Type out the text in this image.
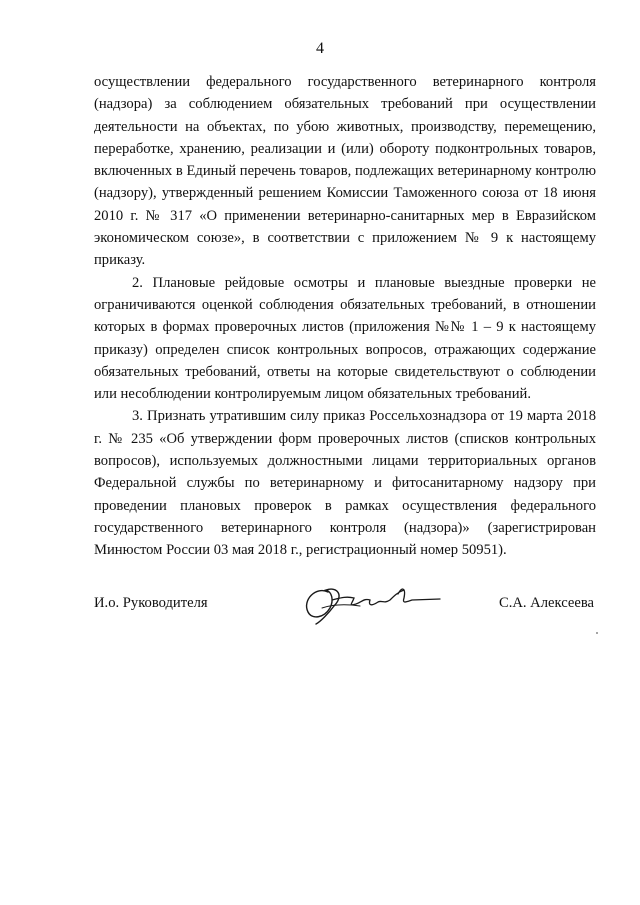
4

осуществлении федерального государственного ветеринарного контроля (надзора) за соблюдением обязательных требований при осуществлении деятельности на объектах, по убою животных, производству, перемещению, переработке, хранению, реализации и (или) обороту подконтрольных товаров, включенных в Единый перечень товаров, подлежащих ветеринарному контролю (надзору), утвержденный решением Комиссии Таможенного союза от 18 июня 2010 г. № 317 «О применении ветеринарно-санитарных мер в Евразийском экономическом союзе», в соответствии с приложением № 9 к настоящему приказу.

2. Плановые рейдовые осмотры и плановые выездные проверки не ограничиваются оценкой соблюдения обязательных требований, в отношении которых в формах проверочных листов (приложения №№ 1 – 9 к настоящему приказу) определен список контрольных вопросов, отражающих содержание обязательных требований, ответы на которые свидетельствуют о соблюдении или несоблюдении контролируемым лицом обязательных требований.

3. Признать утратившим силу приказ Россельхознадзора от 19 марта 2018 г. № 235 «Об утверждении форм проверочных листов (списков контрольных вопросов), используемых должностными лицами территориальных органов Федеральной службы по ветеринарному и фитосанитарному надзору при проведении плановых проверок в рамках осуществления федерального государственного ветеринарного контроля (надзора)» (зарегистрирован Минюстом России 03 мая 2018 г., регистрационный номер 50951).

И.о. Руководителя	С.А. Алексеева
